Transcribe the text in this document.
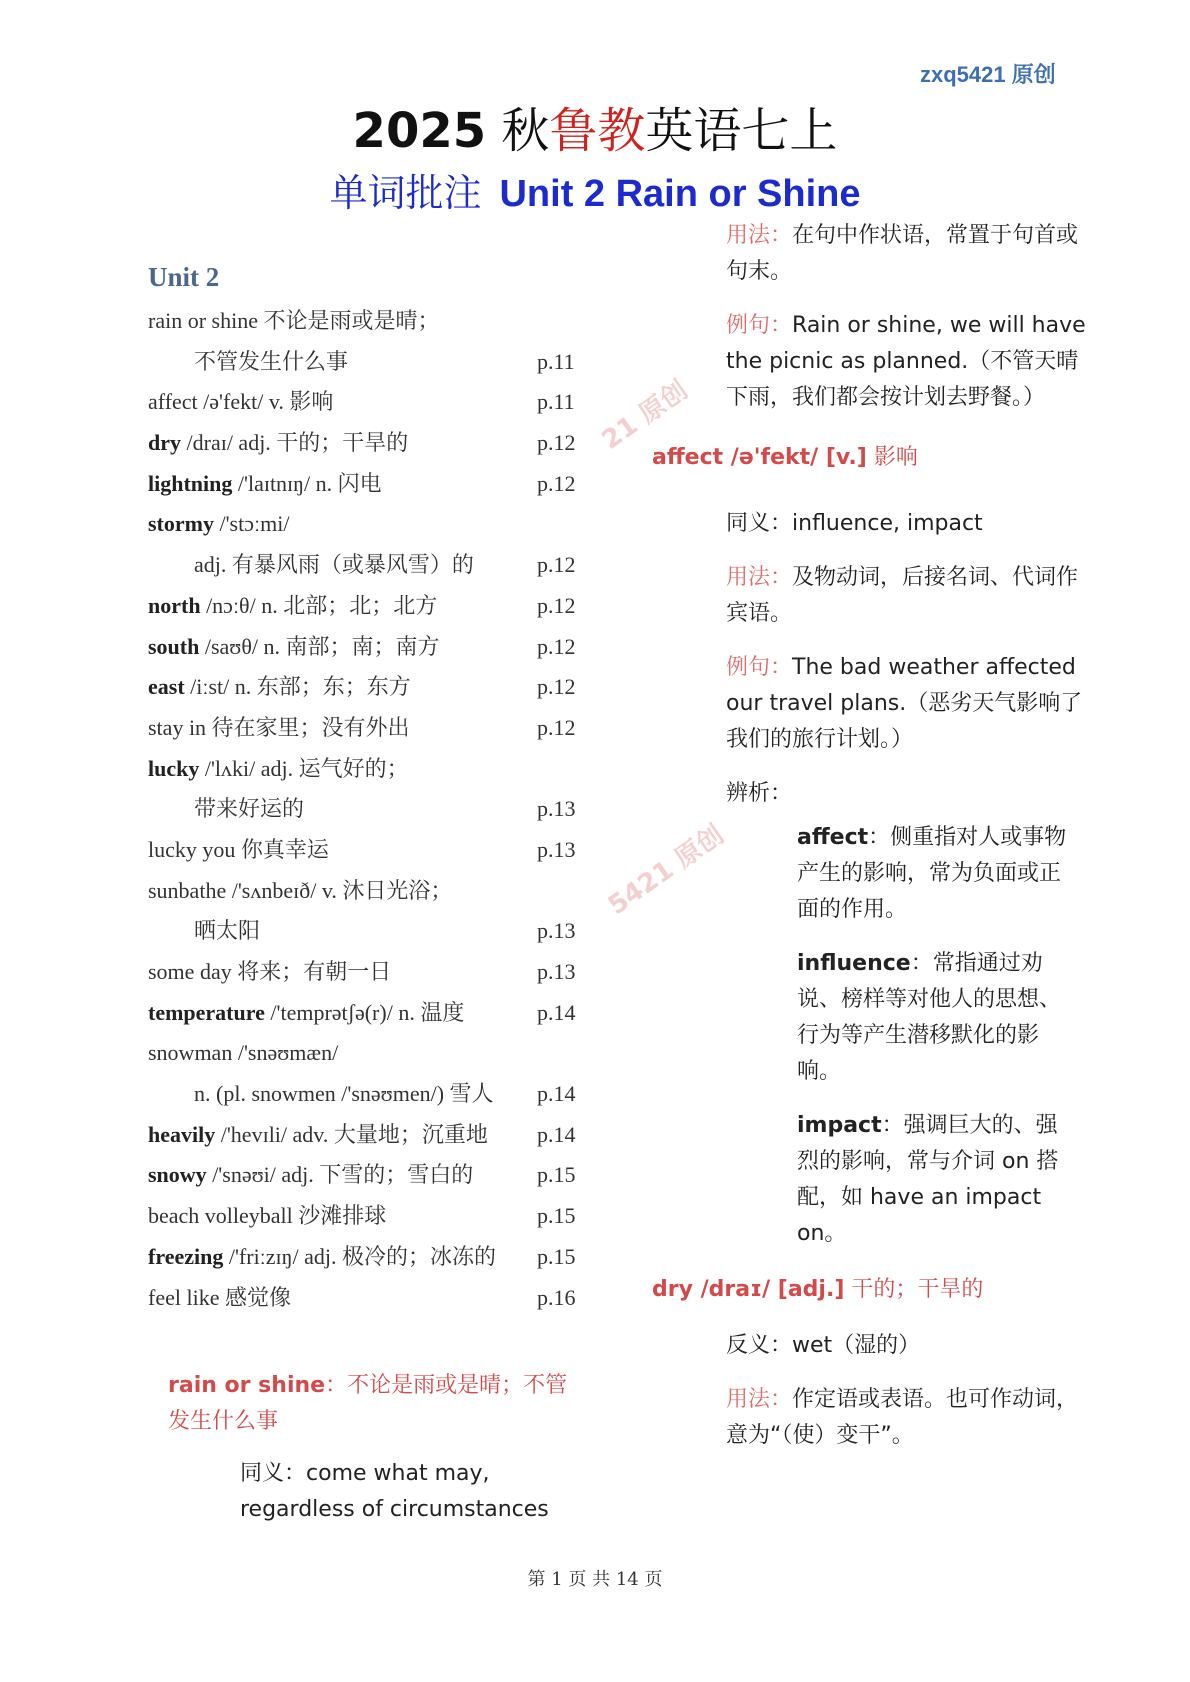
zxq5421 原创
2025 秋鲁教英语七上
单词批注 Unit 2 Rain or Shine
Unit 2
rain or shine 不论是雨或是晴；
不管发生什么事	p.11
affect /ə'fekt/ v. 影响	p.11
dry /draɪ/ adj. 干的；干旱的	p.12
lightning /'laɪtnɪŋ/ n. 闪电	p.12
stormy /'stɔːmi/
adj. 有暴风雨（或暴风雪）的	p.12
north /nɔːθ/ n. 北部；北；北方	p.12
south /saʊθ/ n. 南部；南；南方	p.12
east /iːst/ n. 东部；东；东方	p.12
stay in 待在家里；没有外出	p.12
lucky /'lʌki/ adj. 运气好的；
带来好运的	p.13
lucky you 你真幸运	p.13
sunbathe /'sʌnbeɪð/ v. 沐日光浴；
晒太阳	p.13
some day 将来；有朝一日	p.13
temperature /'temprətʃə(r)/ n. 温度	p.14
snowman /'snəʊmæn/
n. (pl. snowmen /'snəʊmen/) 雪人 p.14
heavily /'hevɪli/ adv. 大量地；沉重地 p.14
snowy /'snəʊi/ adj. 下雪的；雪白的	p.15
beach volleyball 沙滩排球	p.15
freezing /'friːzɪŋ/ adj. 极冷的；冰冻的 p.15
feel like 感觉像	p.16
21 原创
5421 原创

用法：在句中作状语，常置于句首或句末。

例句：Rain or shine, we will have the picnic as planned.（不管天晴下雨，我们都会按计划去野餐。）

同义：influence, impact

用法：及物动词，后接名词、代词作宾语。

例句：The bad weather affected our travel plans.（恶劣天气影响了我们的旅行计划。）

辨析：

affect /ə'fekt/ [v.] 影响

affect：侧重指对人或事物产生的影响，常为负面或正面的作用。

influence：常指通过劝说、榜样等对他人的思想、行为等产生潜移默化的影响。

impact：强调巨大的、强烈的影响，常与介词 on 搭配，如 have an impact on。

dry /draɪ/ [adj.] 干的；干旱的

反义：wet（湿的）

用法：作定语或表语。也可作动词，意为“（使）变干”。

rain or shine：不论是雨或是晴；不管发生什么事

同义：come what may, regardless of circumstances

第 1 页 共 14 页
